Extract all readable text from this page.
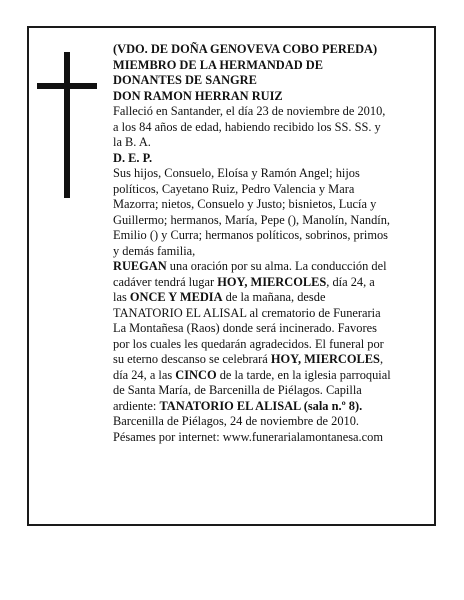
(VDO. DE DOÑA GENOVEVA COBO PEREDA)

MIEMBRO DE LA HERMANDAD DE

DONANTES DE SANGRE

DON RAMON HERRAN RUIZ

Falleció en Santander, el día 23 de noviembre de 2010,

a los 84 años de edad, habiendo recibido los SS. SS. y

la B. A.

D. E. P.

Sus hijos, Consuelo, Eloísa y Ramón Angel; hijos

políticos, Cayetano Ruiz, Pedro Valencia y Mara

Mazorra; nietos, Consuelo y Justo; bisnietos, Lucía y

Guillermo; hermanos, María, Pepe (), Manolín, Nandín,

Emilio () y Curra; hermanos políticos, sobrinos, primos

y demás familia,

RUEGAN una oración por su alma. La conducción del

cadáver tendrá lugar HOY, MIERCOLES, día 24, a

las ONCE Y MEDIA de la mañana, desde

TANATORIO EL ALISAL al crematorio de Funeraria

La Montañesa (Raos) donde será incinerado. Favores

por los cuales les quedarán agradecidos. El funeral por

su eterno descanso se celebrará HOY, MIERCOLES,

día 24, a las CINCO de la tarde, en la iglesia parroquial

de Santa María, de Barcenilla de Piélagos. Capilla

ardiente: TANATORIO EL ALISAL (sala n.º 8).

Barcenilla de Piélagos, 24 de noviembre de 2010.

Pésames por internet: www.funerarialamontanesa.com
